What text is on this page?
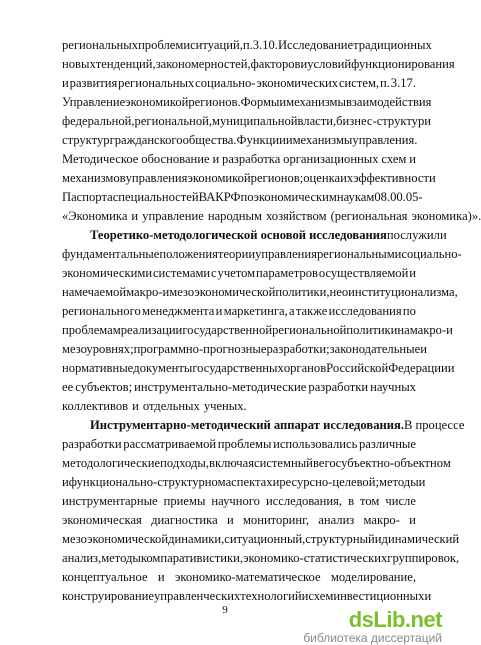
региональных проблем и ситуаций, п. 3.10. Исследование традиционных
новых тенденций, закономерностей, факторов и условий функционирования
и развития региональных социально- экономических систем, п. 3.17.
Управление экономикой регионов. Формы и механизмы взаимодействия
федеральной, региональной, муниципальной власти, бизнес-структур и
структур гражданского общества. Функции и механизмы управления.
Методическое обоснование и разработка организационных схем и
механизмов управления экономикой регионов; оценка их эффективности
Паспорта специальностей ВАК РФ по экономическим наукам 08.00.05 -
«Экономика и управление народным хозяйством (региональная экономика)».
Теоретико-методологической основой исследования послужили
фундаментальные положения теории управления региональными социально-
экономическими системами с учетом параметров осуществляемой и
намечаемой макро- и мезоэкономической политики, неоинституционализма,
регионального менеджмента и маркетинга, а также исследования по
проблемам реализации государственной региональной политики на макро- и
мезоуровнях; программно-прогнозные разработки; законодательные и
нормативные документы государственных органов Российской Федерации и
ее субъектов; инструментально-методические разработки научных
коллективов и отдельных ученых.
Инструментарно-методический аппарат исследования. В процессе
разработки рассматриваемой проблемы использовались различные
методологические подходы, включая системный в его субъектно-объектном
и функционально-структурном аспектах и ресурсно-целевой; методы и
инструментарные приемы научного исследования, в том числе
экономическая диагностика и мониторинг, анализ макро- и
мезоэкономической динамики, ситуационный, структурный и динамический
анализ, методы компаративистики, экономико-статистических группировок,
концептуальное и экономико-математическое моделирование,
конструирование управленческих технологий и схем инвестиционных и
9	dsLib.net
библиотека диссертаций
